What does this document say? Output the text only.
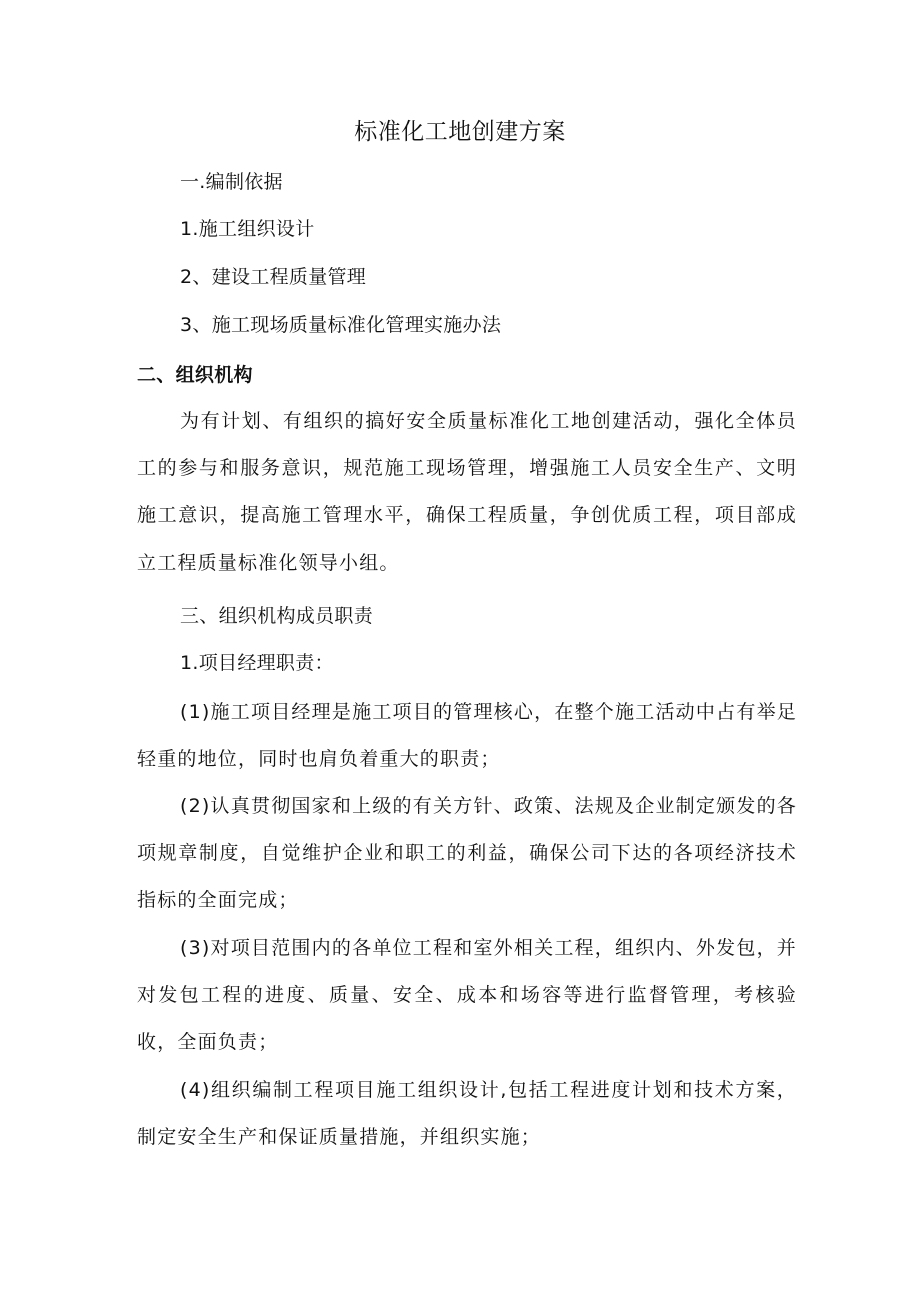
标准化工地创建方案
一.编制依据
1.施工组织设计
2、建设工程质量管理
3、施工现场质量标准化管理实施办法
二、组织机构
为有计划、有组织的搞好安全质量标准化工地创建活动，强化全体员工的参与和服务意识，规范施工现场管理，增强施工人员安全生产、文明施工意识，提高施工管理水平，确保工程质量，争创优质工程，项目部成立工程质量标准化领导小组。
三、组织机构成员职责
1.项目经理职责：
(1)施工项目经理是施工项目的管理核心，在整个施工活动中占有举足轻重的地位，同时也肩负着重大的职责；
(2)认真贯彻国家和上级的有关方针、政策、法规及企业制定颁发的各项规章制度，自觉维护企业和职工的利益，确保公司下达的各项经济技术指标的全面完成；
(3)对项目范围内的各单位工程和室外相关工程，组织内、外发包，并对发包工程的进度、质量、安全、成本和场容等进行监督管理，考核验收，全面负责；
(4)组织编制工程项目施工组织设计,包括工程进度计划和技术方案，制定安全生产和保证质量措施，并组织实施；
